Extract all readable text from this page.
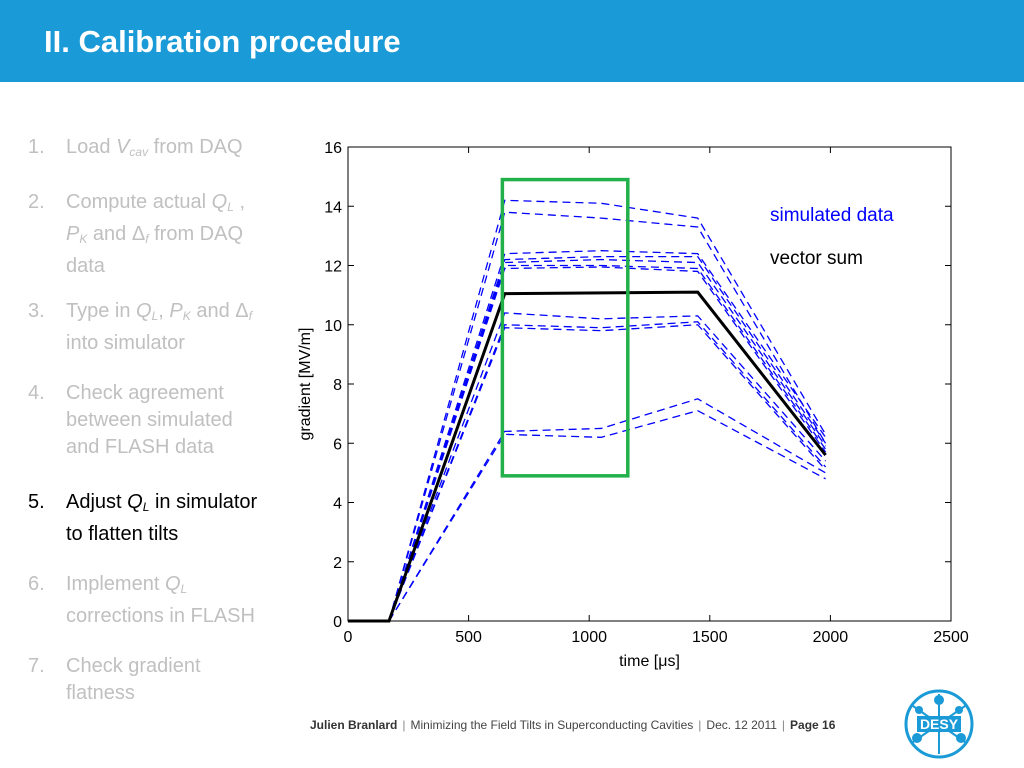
II. Calibration procedure
1. Load $V_{cav}$ from DAQ
2. Compute actual $Q_L$ ,
$P_K$ and $\Delta_f$ from DAQ
data
3. Type in $Q_L$, $P_K$ and $\Delta_f$
into simulator
4. Check agreement
between simulated
and FLASH data
5. Adjust $Q_L$ in simulator
to flatten tilts
6. Implement $Q_L$
corrections in FLASH
7. Check gradient
flatness
0	500	1000	1500	2000	2500
0
2
4
6
8
10
12
14
16
time [μs]
gradient [MV/m]
simulated data
vector sum
Julien Branlard | Minimizing the Field Tilts in Superconducting Cavities | Dec. 12 2011 | Page 16	DESY
